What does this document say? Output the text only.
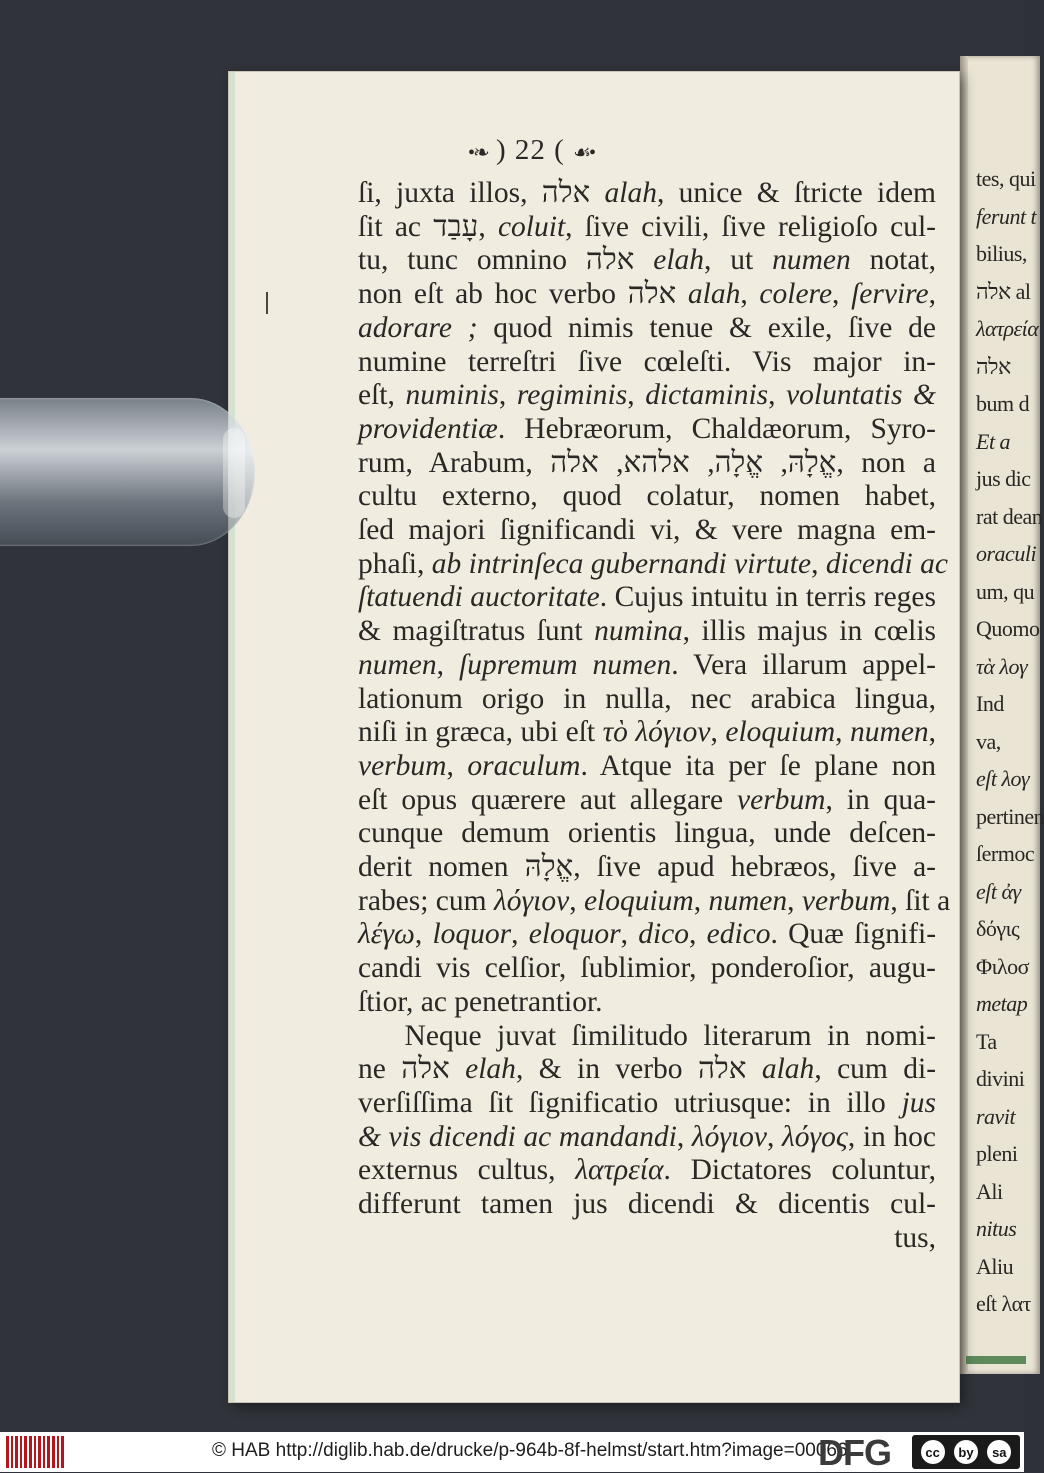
tes, qui
ferunt t
bilius,
אלה al
λατρεία
אלה
bum d
Et a
jus dic
rat dean
oraculi
um, qu
Quomo
τὰ λογ
Ind
va,
eſt λογ
pertinen
ſermoc
eſt ἀγ
δόγις
Φιλοσ
metap
Ta
divini
ravit
pleni
Ali
nitus
Aliu
eſt λατ
•❧ ) 22 ( ☙•
ſi, juxta illos, אלה alah, unice & ſtricte idem
ſit ac עָבַד, coluit, ſive civili, ſive religioſo cul-
tu, tunc omnino אלה elah, ut numen notat,
non eſt ab hoc verbo אלה alah, colere, ſervire,
adorare ; quod nimis tenue & exile, ſive de
numine terreſtri ſive cœleſti. Vis major in-
eſt, numinis, regiminis, dictaminis, voluntatis &
providentiæ. Hebræorum, Chaldæorum, Syro-
rum, Arabum, אֱלָהּ, אֱלָה, אלהא, אלה, non a
cultu externo, quod colatur, nomen habet,
ſed majori ſignificandi vi, & vere magna em-
phaſi, ab intrinſeca gubernandi virtute, dicendi ac
ſtatuendi auctoritate. Cujus intuitu in terris reges
& magiſtratus ſunt numina, illis majus in cœlis
numen, ſupremum numen. Vera illarum appel-
lationum origo in nulla, nec arabica lingua,
niſi in græca, ubi eſt τὸ λόγιον, eloquium, numen,
verbum, oraculum. Atque ita per ſe plane non
eſt opus quærere aut allegare verbum, in qua-
cunque demum orientis lingua, unde deſcen-
derit nomen אֱלָהּ, ſive apud hebræos, ſive a-
rabes; cum λόγιον, eloquium, numen, verbum, ſit a
λέγω, loquor, eloquor, dico, edico. Quæ ſignifi-
candi vis celſior, ſublimior, ponderoſior, augu-
ſtior, ac penetrantior.
Neque juvat ſimilitudo literarum in nomi-
ne אלה elah, & in verbo אלה alah, cum di-
verſiſſima ſit ſignificatio utriusque: in illo jus
& vis dicendi ac mandandi, λόγιον, λόγος, in hoc
externus cultus, λατρεία. Dictatores coluntur,
differunt tamen jus dicendi & dicentis cul-
tus,
© HAB http://diglib.hab.de/drucke/p-964b-8f-helmst/start.htm?image=00066
DFG	cc	by	sa
